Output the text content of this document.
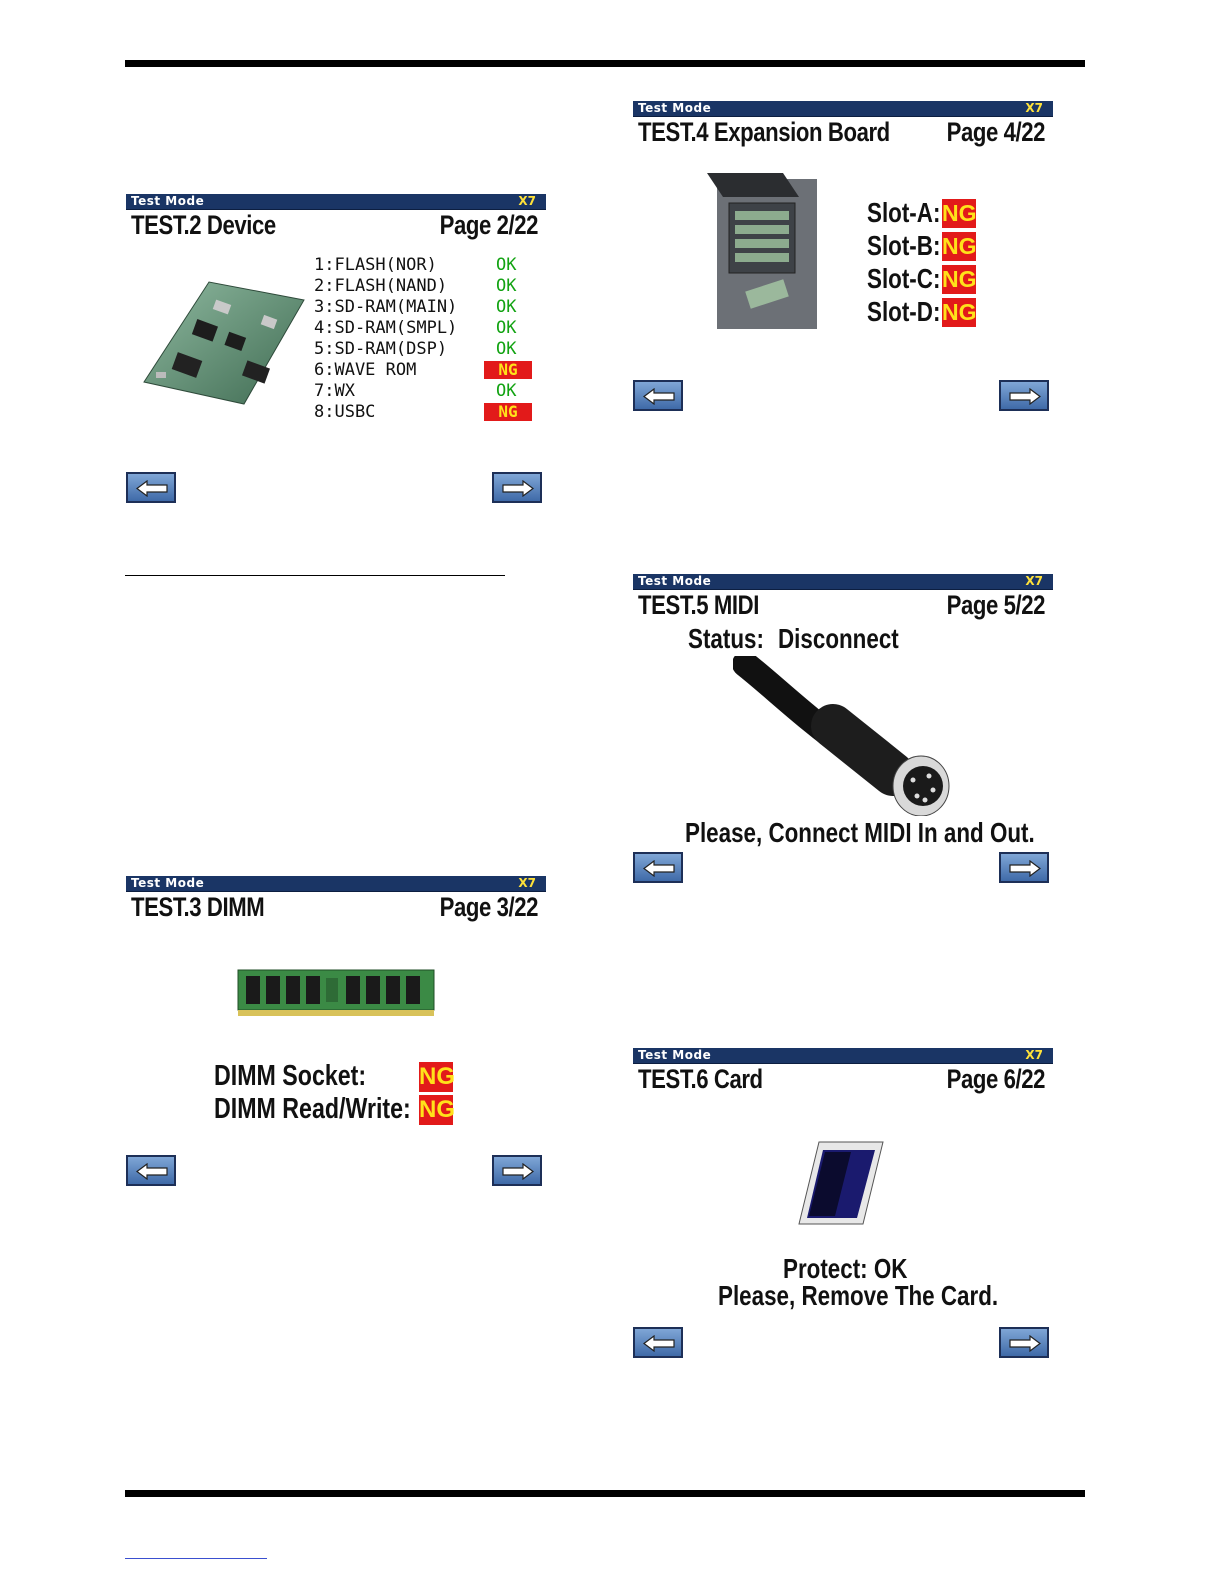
Test Mode	X7
TEST.2 Device	Page 2/22
1:FLASH(NOR)	OK
2:FLASH(NAND)	OK
3:SD-RAM(MAIN) OK
4:SD-RAM(SMPL) OK
5:SD-RAM(DSP)	OK
6:WAVE ROM	NG
7:WX	OK
8:USBC	NG
Test Mode	X7
TEST.3 DIMM	Page 3/22
DIMM Socket: NG
DIMM Read/Write: NG
Test Mode	X7
TEST.4 Expansion Board Page 4/22
Slot-A: NG
Slot-B: NG
Slot-C: NG
Slot-D: NG
Test Mode	X7
TEST.5 MIDI	Page 5/22
Status: Disconnect
Please, Connect MIDI In and Out.
Test Mode	X7
TEST.6 Card	Page 6/22
Protect: OK
Please, Remove The Card.
